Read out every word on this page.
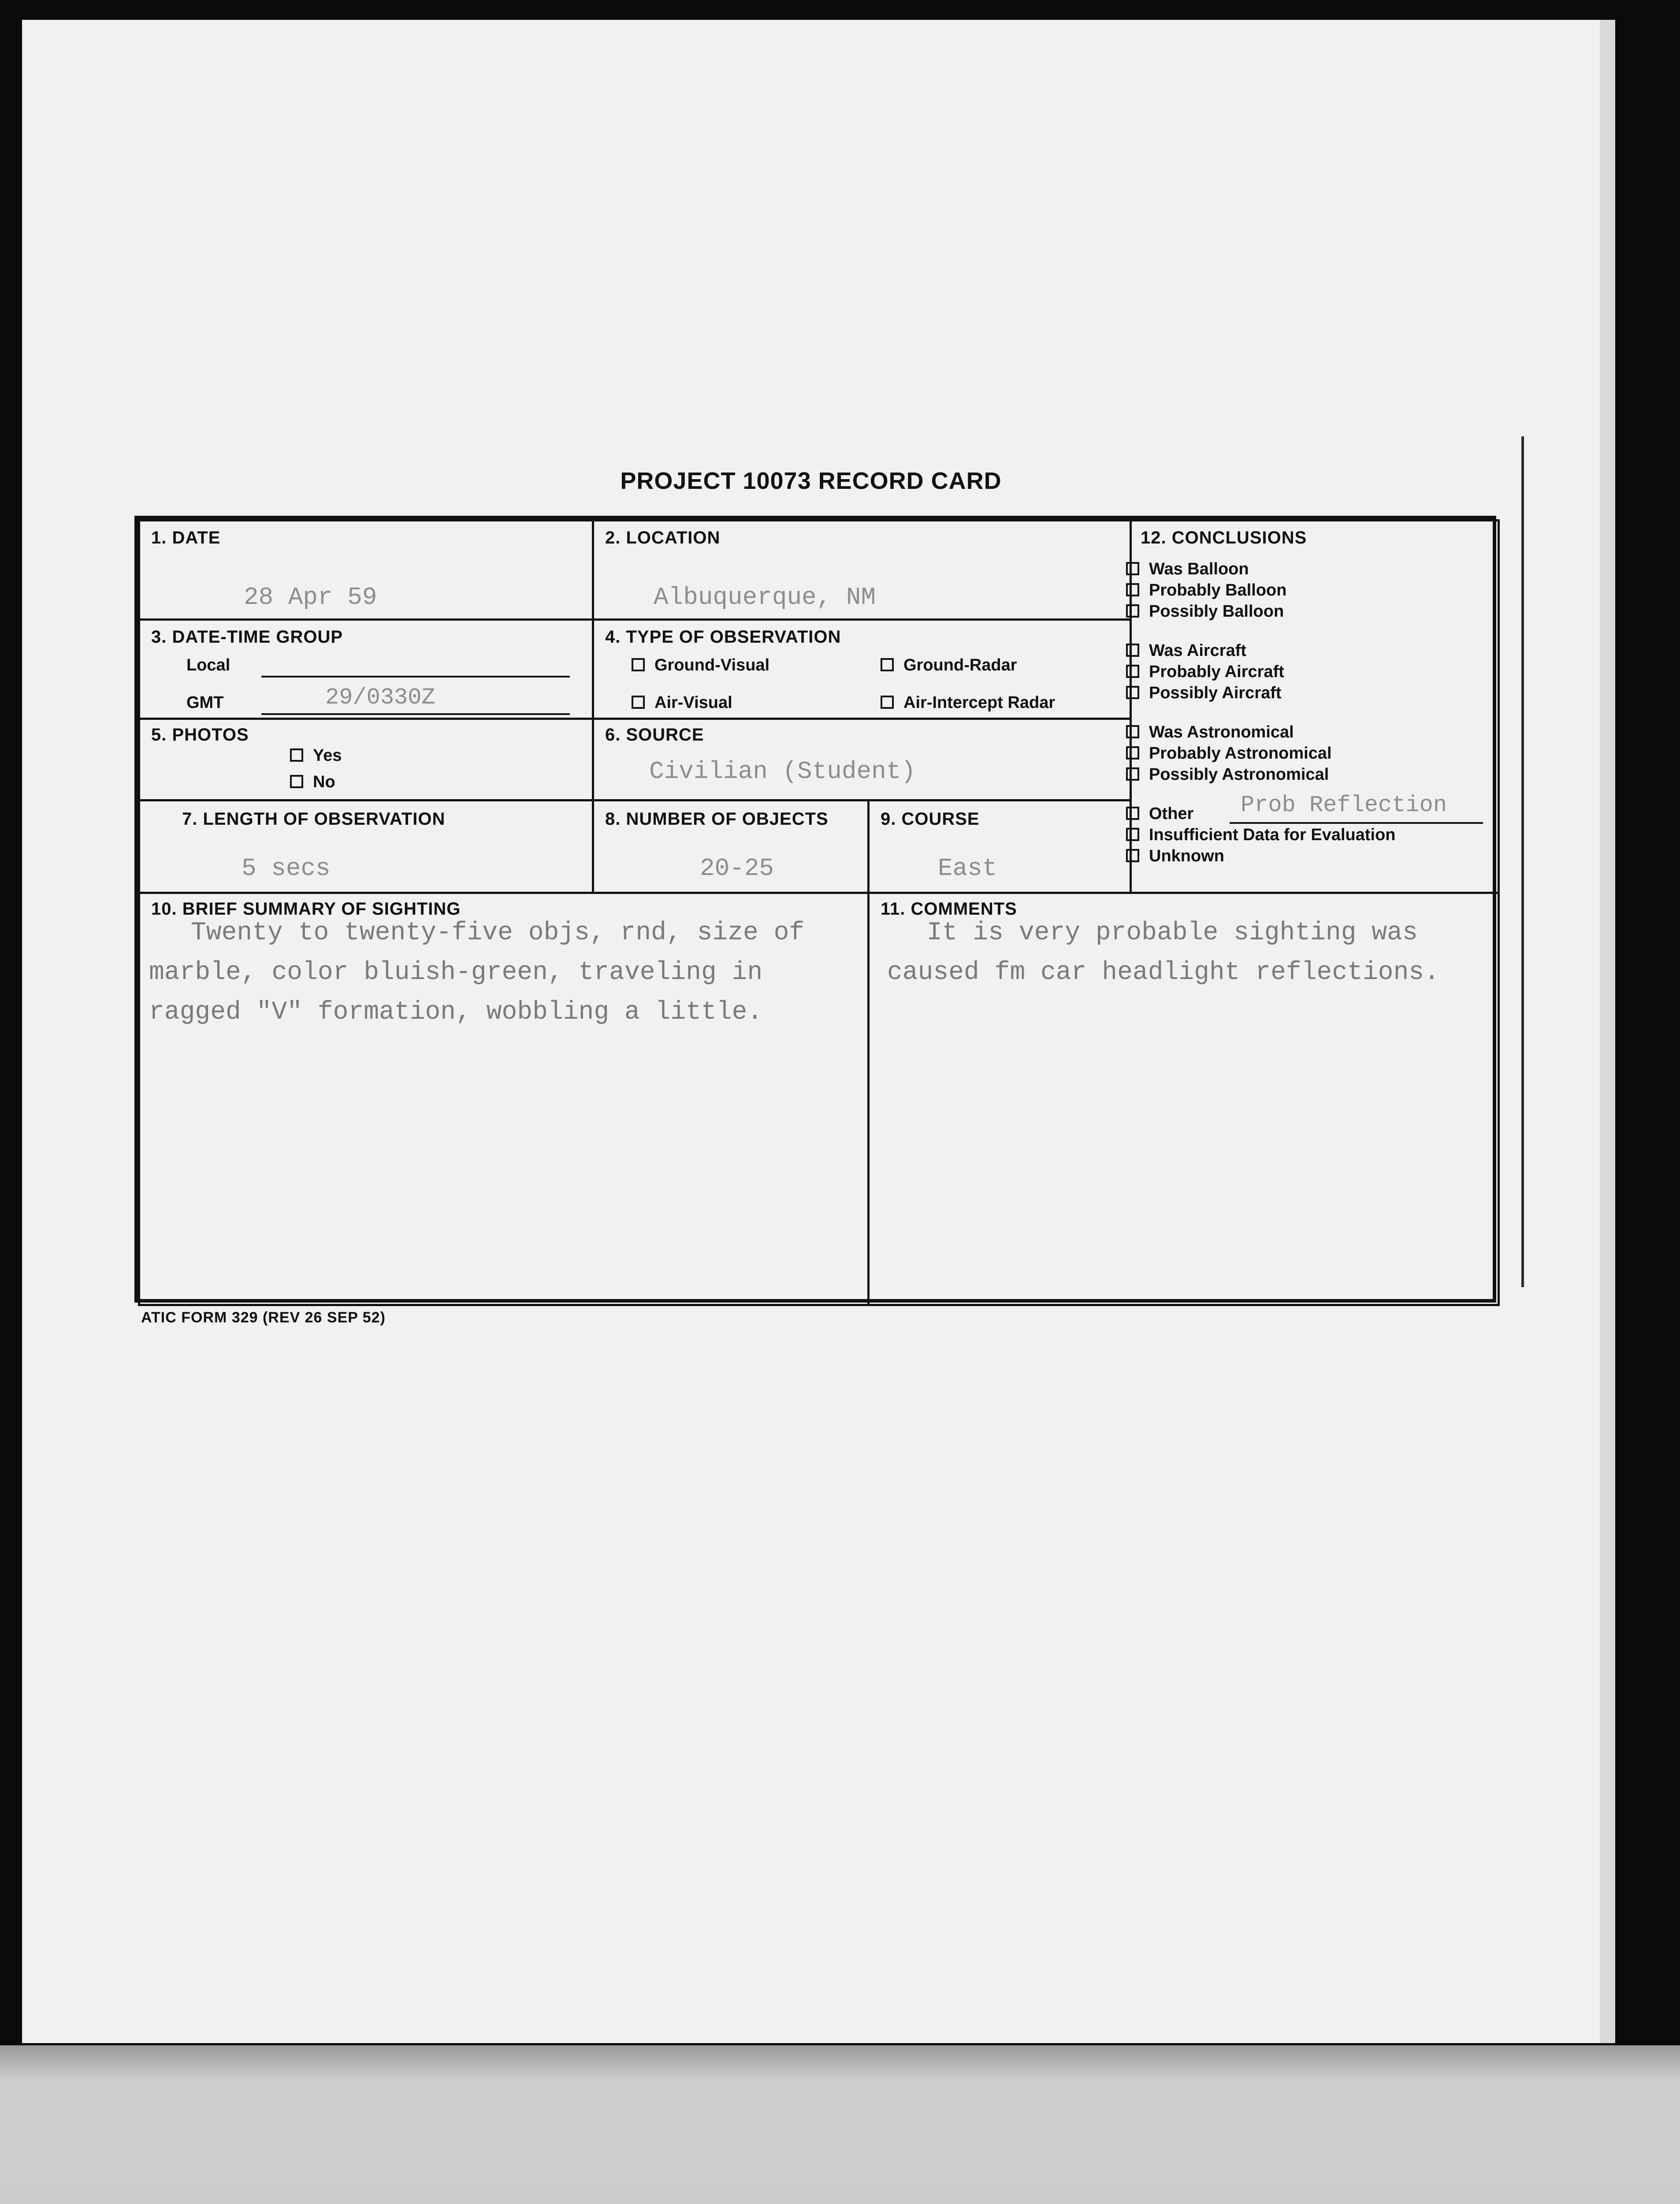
PROJECT 10073 RECORD CARD
1. DATE
28 Apr 59
2. LOCATION
Albuquerque, NM
3. DATE-TIME GROUP
Local
GMT	29/0330Z
4. TYPE OF OBSERVATION
Ground-Visual	Ground-Radar
Air-Visual	Air-Intercept Radar
5. PHOTOS
Yes
No
6. SOURCE
Civilian (Student)
7. LENGTH OF OBSERVATION
5 secs
8. NUMBER OF OBJECTS
20-25
9. COURSE
East
12. CONCLUSIONS
10. BRIEF SUMMARY OF SIGHTING
Twenty to twenty-five objs, rnd, size of
marble, color bluish-green, traveling in
ragged "V" formation, wobbling a little.
11. COMMENTS
It is very probable sighting was
caused fm car headlight reflections.
Was Balloon
Probably Balloon
Possibly Balloon
Was Aircraft
Probably Aircraft
Possibly Aircraft
Was Astronomical
Probably Astronomical
Possibly Astronomical
Other Prob Reflection
Insufficient Data for Evaluation
Unknown
ATIC FORM 329 (REV 26 SEP 52)
